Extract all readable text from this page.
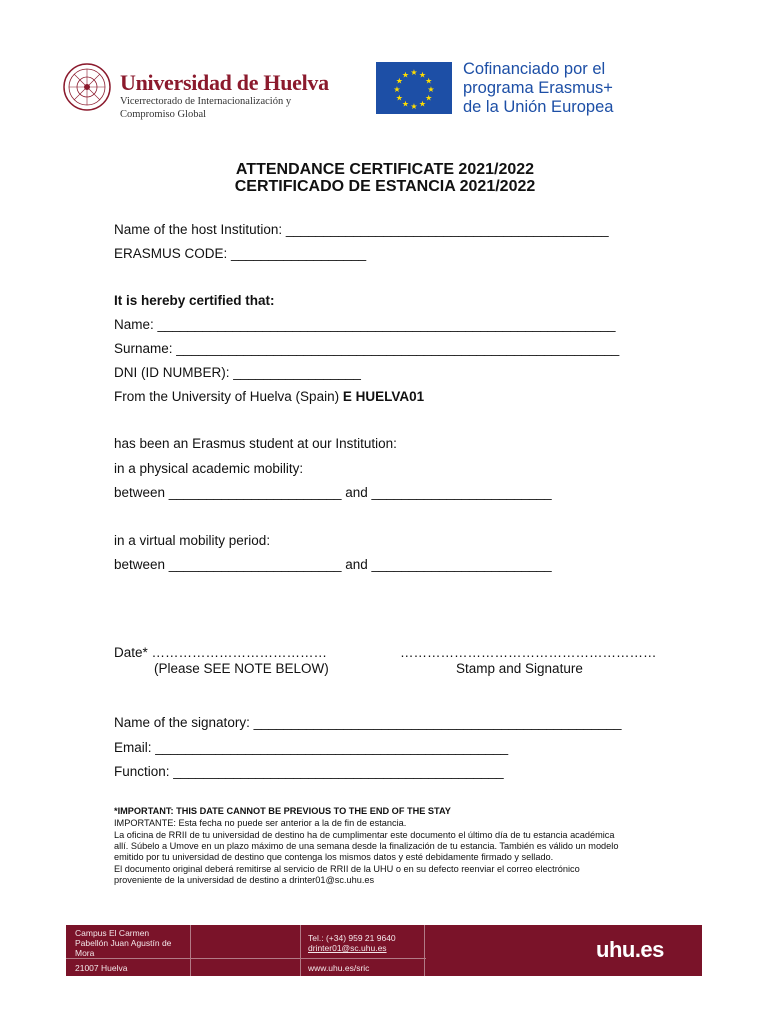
Universidad de Huelva
Vicerrectorado de Internacionalización y
Compromiso Global
★ ★
★
★
★
★
★
★
★
★
★
★	Cofinanciado por el
programa Erasmus+
de la Unión Europea
ATTENDANCE CERTIFICATE 2021/2022
CERTIFICADO DE ESTANCIA 2021/2022
Name of the host Institution: ___________________________________________
ERASMUS CODE: __________________
It is hereby certified that:
Name: _____________________________________________________________
Surname: ___________________________________________________________
DNI (ID NUMBER): _________________
From the University of Huelva (Spain) E HUELVA01
has been an Erasmus student at our Institution:
in a physical academic mobility:
between _______________________ and ________________________
in a virtual mobility period:
between _______________________ and ________________________
Date* …………………………………
(Please SEE NOTE BELOW)
…………………………………………………
Stamp and Signature
Name of the signatory: _________________________________________________
Email: _______________________________________________
Function: ____________________________________________
*IMPORTANT: THIS DATE CANNOT BE PREVIOUS TO THE END OF THE STAY
IMPORTANTE: Esta fecha no puede ser anterior a la de fin de estancia.
La oficina de RRII de tu universidad de destino ha de cumplimentar este documento el último día de tu estancia académica
allí. Súbelo a Umove en un plazo máximo de una semana desde la finalización de tu estancia. También es válido un modelo
emitido por tu universidad de destino que contenga los mismos datos y esté debidamente firmado y sellado.
El documento original deberá remitirse al servicio de RRII de la UHU o en su defecto reenviar el correo electrónico
proveniente de la universidad de destino a drinter01@sc.uhu.es
Campus El Carmen
Pabellón Juan Agustín de
Mora
21007 Huelva
Tel.: (+34) 959 21 9640
drinter01@sc.uhu.es
www.uhu.es/sric
uhu.es
